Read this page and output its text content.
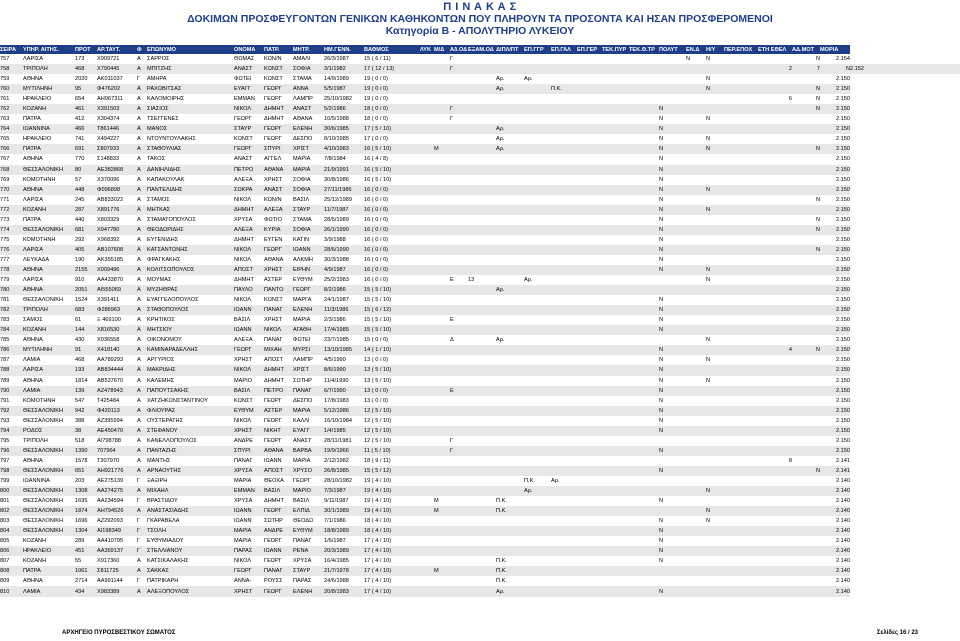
Π Ι Ν Α Κ Α Σ
ΔΟΚΙΜΩΝ ΠΡΟΣΦΕΥΓΟΝΤΩΝ ΓΕΝΙΚΩΝ ΚΑΘΗΚΟΝΤΩΝ ΠΟΥ ΠΛΗΡΟΥΝ ΤΑ ΠΡΟΣΟΝΤΑ ΚΑΙ ΗΣΑΝ ΠΡΟΣΦΕΡΟΜΕΝΟΙ
Κατηγορία Β - ΑΠΟΛΥΤΗΡΙΟ ΛΥΚΕΙΟΥ
ΣΕΙΡΑ	ΥΠΗΡ. ΑΙΤΗΣ.	ΠΡΟΤ	ΑΡ.ΤΑΥΤ.	Φ	ΕΠΩΝΥΜΟ	ΟΝΟΜΑ	ΠΑΤΡ.	ΜΗΤΡ.	ΗΜ.ΓΕΝΝ.	ΒΑΘΜΟΣ	ΛΥΚ	Μ/Δ	Αδ.ΟΔ	ΕΞΑΜ.ΟΔ	ΔΙΠΛ/ΠΤ	ΕΠ.ΓΓΡ	ΕΠ.ΓΑΛ	ΕΠ.ΓΕΡ	ΤΕΚ.ΠΥΡ	ΤΕΚ.Θ.ΤΡ	ΠΟΛΥΤ	ΕΝ.Δ	Η/Υ	ΠΕΡ.ΕΠΟΧ	ΕΤΗ ΕΘΕΛ	ΑΔ.ΜΟΤ	ΜΟΡΙΑ	
757	ΛΑΡΙΣΑ	173	X909721	Α	ΣΑΡΡΟΣ	ΘΩΜΑΣ	ΚΩΝ/Ν	ΑΜΑΛΙ	26/3/1987	15 ( 6 / 11)			Γ									Ν	Ν			Ν	2.154	
758	ΤΡΙΠΟΛΗ	468	X790445	Α	ΜΠΙΤΖΗΣ	ΑΝΑΣΤ	ΚΩΝΣΤ	ΣΟΦΙΑ	3/1/1982	17 ( 12 / 13)			Γ												2	7	Ν	2.152
759	ΑΘΗΝΑ	2020	AK011037	Γ	ΑΜΗΡΑ	ΦΩΤΕΙ	ΚΩΝΣΤ	ΣΤΑΜΑ	14/9/1989	19 ( 0 / 0)					Αρ.	Αρ.							Ν				2.150	
760	ΜΥΤΙΛΗΝΗ	95	Φ476202	Α	ΡΑΧΩΒΙΤΣΑΣ	ΕΥΑΓΓ	ΓΕΩΡΓ	ΑΝΝΑ	5/5/1987	19 ( 0 / 0)					Αρ.		Π.Κ.						Ν			Ν	2.150	
761	ΗΡΑΚΛΕΙΟ	654	AH967311	Α	ΚΑΛΟΜΟΙΡΗΣ	ΕΜΜΑΝ	ΓΕΩΡΓ	ΛΑΜΠΡ	25/10/1982	19 ( 0 / 0)															6	Ν	2.150	
762	ΚΟΖΑΝΗ	461	X391503	Α	ΣΙΑΣΙΟΣ	ΝΙΚΟΛ	ΔΗΜΗΤ	ΑΝΑΣΤ	5/2/1986	18 ( 0 / 0)			Γ								Ν					Ν	2.150	
763	ΠΑΤΡΑ	412	X304374	Α	ΤΣΕΓΓΕΝΕΣ	ΓΕΩΡΓ	ΔΗΜΗΤ	ΑΘΑΝΑ	10/5/1988	18 ( 0 / 0)			Γ								Ν		Ν				2.150	
764	ΙΩΑΝΝΙΝΑ	466	T861446	Α	ΜΑΝΟΣ	ΣΤΑΥΡ	ΓΕΩΡΓ	ΕΛΕΝΗ	30/6/1985	17 ( 5 / 10)					Αρ.						Ν						2.150	
765	ΗΡΑΚΛΕΙΟ	741	X494227	Α	ΝΤΟΥΝΤΟΥΛΑΚΗΣ	ΚΩΝΣΤ	ΓΕΩΡΓ	ΔΕΣΠΟ	8/10/1985	17 ( 0 / 0)					Αρ.						Ν		Ν				2.150	
766	ΠΑΤΡΑ	691	Σ807933	Α	ΣΤΑΘΟΥΛΙΑΣ	ΓΕΩΡΓ	ΣΠΥΡΙ	ΧΡΙΣΤ	4/10/1983	16 ( 5 / 10)		Μ			Αρ.						Ν		Ν			Ν	2.150	
767	ΑΘΗΝΑ	770	Σ148833	Α	ΤΑΚΟΣ	ΑΝΑΣΤ	ΑΓΓΕΛ	ΜΑΡΙΑ	7/8/1984	16 ( 4 / 8)											Ν						2.150	
768	ΘΕΣΣΑΛΟΝΙΚΗ	80	AE382868	Α	ΔΑΝΙΗΛΙΔΗΣ	ΠΕΤΡΟ	ΑΘΑΝΑ	ΜΑΡΙΑ	21/9/1991	16 ( 5 / 10)											Ν						2.150	
769	ΚΟΜΟΤΗΝΗ	57	X370096	Α	ΚΑΠΑΚΟΥΛΑΚ	ΑΛΕΞΑ	ΧΡΗΣΤ	ΣΟΦΙΑ	30/8/1986	16 ( 5 / 10)											Ν						2.150	
770	ΑΘΗΝΑ	448	Φ096898	Α	ΠΑΝΤΕΛΙΔΗΣ	ΣΩΚΡΑ	ΑΝΑΣΤ	ΣΟΦΙΑ	27/11/1986	16 ( 0 / 0)											Ν		Ν				2.150	
771	ΛΑΡΙΣΑ	245	AB833022	Α	ΣΤΑΜΟΣ	ΝΙΚΟΛ	ΚΩΝ/Ν	ΒΑΣΙΛ	25/12/1989	16 ( 0 / 0)											Ν					Ν	2.150	
772	ΚΟΖΑΝΗ	287	X891776	Α	ΜΗΤΚΑΣ	ΔΗΜΗΤ	ΑΛΕΞΑ	ΣΤΑΥΡ	11/7/1987	16 ( 0 / 0)											Ν		Ν				2.150	
773	ΠΑΤΡΑ	440	X803329	Α	ΣΤΑΜΑΤΟΠΟΥΛΟΣ	ΧΡΥΣΑ	ΦΩΤΙΟ	ΣΤΑΜΑ	28/5/1989	16 ( 0 / 0)											Ν					Ν	2.150	
774	ΘΕΣΣΑΛΟΝΙΚΗ	681	X947780	Α	ΘΕΟΔΩΡΙΔΗΣ	ΑΛΕΞΑ	ΚΥΡΙΑ	ΣΟΦΙΑ	26/1/1990	16 ( 0 / 0)											Ν					Ν	2.150	
775	ΚΟΜΟΤΗΝΗ	292	X968392	Α	ΕΥΓΕΝΙΔΗΣ	ΔΗΜΗΤ	ΕΥΓΕΝ	ΚΑΤΙΝ	3/9/1988	16 ( 0 / 0)											Ν						2.150	
776	ΛΑΡΙΣΑ	405	AB107608	Α	ΚΑΤΣΑΝΤΩΝΗΣ	ΝΙΚΟΛ	ΓΕΩΡΓ	ΙΩΑΝΝ	28/6/1990	16 ( 0 / 0)											Ν					Ν	2.150	
777	ΛΕΥΚΑΔΑ	190	AK355185	Α	ΦΡΑΓΚΑΚΗΣ	ΝΙΚΟΛ	ΑΘΑΝΑ	ΑΛΚΜΗ	30/3/1988	16 ( 0 / 0)											Ν						2.150	
778	ΑΘΗΝΑ	2155	X009496	Α	ΚΟΛΙΤΣΟΠΟΥΛΟΣ	ΑΠΟΣΤ	ΧΡΗΣΤ	ΕΙΡΗΝ	4/9/1987	16 ( 0 / 0)											Ν		Ν				2.150	
779	ΛΑΡΙΣΑ	910	AA433870	Α	ΜΟΥΜΑΣ	ΔΗΜΗΤ	ΑΣΤΕΡ	ΕΥΘΥΜ	25/2/1983	16 ( 0 / 0)			Ε	13		Αρ.							Ν				2.150	
780	ΑΘΗΝΑ	2051	AI555069	Α	ΜΥΖΗΘΡΑΣ	ΠΑΥΛΟ	ΠΑΝΤΟ	ΓΕΩΡΓ	8/2/1986	15 ( 5 / 10)					Αρ.												2.150	
781	ΘΕΣΣΑΛΟΝΙΚΗ	1524	X391411	Α	ΕΥΑΓΓΕΛΟΠΟΥΛΟΣ	ΝΙΚΟΛ	ΚΩΝΣΤ	ΜΑΡΓΑ	24/1/1987	15 ( 5 / 10)											Ν						2.150	
782	ΤΡΙΠΟΛΗ	683	Φ286963	Α	ΣΤΑΘΟΠΟΥΛΟΣ	ΙΩΑΝΝ	ΠΑΝΑΓ	ΕΛΕΝΗ	11/3/1986	15 ( 6 / 12)											Ν						2.150	
783	ΣΑΜΟΣ	61	Ξ 469100	Α	ΚΡΗΤΙΚΟΣ	ΒΑΣΙΛ	ΧΡΗΣΤ	ΜΑΡΙΑ	2/3/1986	15 ( 5 / 10)			Ε								Ν						2.150	
784	ΚΟΖΑΝΗ	144	X816530	Α	ΜΗΤΣΙΟΥ	ΙΩΑΝΝ	ΝΙΚΟΛ	ΑΓΑΘΗ	17/4/1985	15 ( 5 / 10)											Ν						2.150	
785	ΑΘΗΝΑ	430	X036558	Α	ΟΙΚΟΝΟΜΟΥ	ΑΛΕΞΑ	ΠΑΝΑΓ	ΦΩΤΕΙ	23/7/1985	15 ( 0 / 0)			Δ		Αρ.								Ν				2.150	
786	ΜΥΤΙΛΗΝΗ	91	X418140	Α	ΚΑΜΙΝΑΡΑΔΕΛΛΗΣ	ΓΕΩΡΓ	ΜΙΧΑΗ	ΜΥΡΣΙ	13/10/1985	14 ( 1 / 10)											Ν				4	Ν	2.150	
787	ΛΑΜΙΑ	468	AA789293	Α	ΑΡΓΥΡΙΟΣ	ΧΡΗΣΤ	ΑΠΟΣΤ	ΛΑΜΠΡ	4/5/1990	13 ( 0 / 0)											Ν		Ν				2.150	
788	ΛΑΡΙΣΑ	193	AB834444	Α	ΜΑΚΡΙΔΗΣ	ΝΙΚΟΛ	ΔΗΜΗΤ	ΧΡΙΣΤ	8/6/1990	13 ( 5 / 10)											Ν						2.150	
789	ΑΘΗΝΑ	1814	AB537670	Α	ΚΑΛΕΜΗΣ	ΜΑΡΙΟ	ΔΗΜΗΤ	ΣΩΤΗΡ	11/4/1990	13 ( 5 / 10)											Ν		Ν				2.150	
790	ΛΑΜΙΑ	139	AZ478943	Α	ΠΑΠΟΥΤΣΑΚΗΣ	ΒΑΣΙΛ	ΠΕΤΡΟ	ΠΑΝΑΓ	6/7/1990	13 ( 0 / 0)			Ε								Ν						2.150	
791	ΚΟΜΟΤΗΝΗ	547	T425484	Α	ΧΑΤΖΗΚΩΝΣΤΑΝΤΙΝΟΥ	ΚΩΝΣΤ	ΓΕΩΡΓ	ΔΕΣΠΟ	17/8/1983	13 ( 0 / 0)											Ν						2.150	
792	ΘΕΣΣΑΛΟΝΙΚΗ	942	Φ420113	Α	ΦΛΙΟΥΡΑΣ	ΕΥΘΥΜ	ΑΣΤΕΡ	ΜΑΡΙΑ	5/12/1986	12 ( 5 / 10)											Ν						2.150	
793	ΘΕΣΣΑΛΟΝΙΚΗ	388	AZ395994	Α	ΟΥΣΤΕΡΑΤΗΣ	ΝΙΚΟΛ	ΓΕΩΡΓ	ΚΑΛΛΙ	16/10/1984	12 ( 5 / 10)											Ν						2.150	
794	ΡΟΔΟΣ	38	AE450470	Α	ΣΤΕΦΑΝΟΥ	ΧΡΗΣΤ	ΝΙΚΗΤ	ΕΥΑΓΓ	1/4/1985	12 ( 5 / 10)											Ν						2.150	
795	ΤΡΙΠΟΛΗ	518	AI798788	Α	ΚΑΝΕΛΛΟΠΟΥΛΟΣ	ΑΝΔΡΕ	ΓΕΩΡΓ	ΑΝΑΣΤ	28/11/1981	12 ( 5 / 10)			Γ														2.150	
796	ΘΕΣΣΑΛΟΝΙΚΗ	1390	707964	Α	ΠΑΝΤΑΖΗΣ	ΣΠΥΡΙ	ΑΘΑΝΑ	ΒΑΡΒΑ	19/9/1966	11 ( 5 / 10)			Γ								Ν						2.150	
797	ΑΘΗΝΑ	1578	T307970	Α	ΜΑΝΤΗΣ	ΠΑΝΑΓ	ΙΩΑΝΝ	ΜΑΡΙΑ	2/12/1982	18 ( 9 / 11)															8		2.141	
798	ΘΕΣΣΑΛΟΝΙΚΗ	651	AH921776	Α	ΑΡΝΑΟΥΤΗΣ	ΧΡΥΣΑ	ΑΠΟΣΤ	ΧΡΥΣΟ	26/8/1985	15 ( 5 / 12)											Ν					Ν	2.141	
799	ΙΩΑΝΝΙΝΑ	203	AE275139	Γ	ΞΑΞΙΡΗ	ΜΑΡΙΑ	ΘΕΟΧΑ	ΓΕΩΡΓ	28/10/1982	19 ( 4 / 10)						Π.Κ.	Αρ.										2.140	
800	ΘΕΣΣΑΛΟΝΙΚΗ	1308	AA274275	Α	ΜΙΧΑΗΛ	ΕΜΜΑΝ	ΒΑΣΙΛ	ΜΑΡΙΟ	7/3/1987	19 ( 4 / 10)						Αρ.							Ν				2.140	
801	ΘΕΣΣΑΛΟΝΙΚΗ	1695	AA234594	Γ	ΒΡΑΣΤΙΔΟΥ	ΧΡΥΣΑ	ΔΗΜΗΤ	ΒΑΣΙΛ	9/11/1987	19 ( 4 / 10)		Μ			Π.Κ.						Ν						2.140	
802	ΘΕΣΣΑΛΟΝΙΚΗ	1874	AH794526	Α	ΑΝΑΣΤΑΣΙΑΔΗΣ	ΙΩΑΝΝ	ΓΕΩΡΓ	ΕΛΠΙΔ	30/1/1989	19 ( 4 / 10)		Μ			Π.Κ.								Ν				2.140	
803	ΘΕΣΣΑΛΟΝΙΚΗ	1696	AZ292093	Γ	ΓΚΑΡΑΒΕΛΑ	ΙΩΑΝΝ	ΣΩΤΗΡ	ΘΕΟΔΩ	7/1/1986	18 ( 4 / 10)											Ν		Ν				2.140	
804	ΘΕΣΣΑΛΟΝΙΚΗ	1304	AI198349	Γ	ΤΣΟΛΗ	ΜΑΡΙΑ	ΑΝΔΡΕ	ΕΥΘΥΜ	18/8/1989	18 ( 4 / 10)											Ν						2.140	
805	ΚΟΖΑΝΗ	289	AA410795	Γ	ΕΥΘΥΜΙΑΔΟΥ	ΜΑΡΙΑ	ΓΕΩΡΓ	ΠΑΝΑΓ	1/6/1987	17 ( 4 / 10)											Ν						2.140	
806	ΗΡΑΚΛΕΙΟ	451	AA369137	Γ	ΣΤΕΛΛΙΑΝΟΥ	ΠΑΡΑΣ	ΙΩΑΝΝ	ΡΕΝΑ	20/3/1989	17 ( 4 / 10)											Ν						2.140	
807	ΚΟΖΑΝΗ	55	X917360	Α	ΚΑΤΣΙΚΑΛΑΚΗΣ	ΝΙΚΟΛ	ΓΕΩΡΓ	ΧΡΥΣΑ	16/4/1985	17 ( 4 / 10)					Π.Κ.						Ν						2.140	
808	ΠΑΤΡΑ	1061	Σ811725	Α	ΣΑΚΚΑΣ	ΓΕΩΡΓ	ΠΑΝΑΓ	ΣΤΑΥΡ	21/7/1978	17 ( 4 / 10)		Μ			Π.Κ.												2.140	
809	ΑΘΗΝΑ	2714	AA991144	Γ	ΠΑΤΡΙΚΑΡΗ	ΑΝΝΑ-	ΡΟΥΣΣ	ΠΑΡΑΣ	24/6/1988	17 ( 4 / 10)					Π.Κ.												2.140	
810	ΛΑΜΙΑ	434	X983389	Α	ΑΛΕΞΟΠΟΥΛΟΣ	ΧΡΗΣΤ	ΓΕΩΡΓ	ΕΛΕΝΗ	20/8/1983	17 ( 4 / 10)					Αρ.						Ν						2.140	
ΑΡΧΗΓΕΙΟ ΠΥΡΟΣΒΕΣΤΙΚΟΥ ΣΩΜΑΤΟΣ	Σελίδες 16 / 23
